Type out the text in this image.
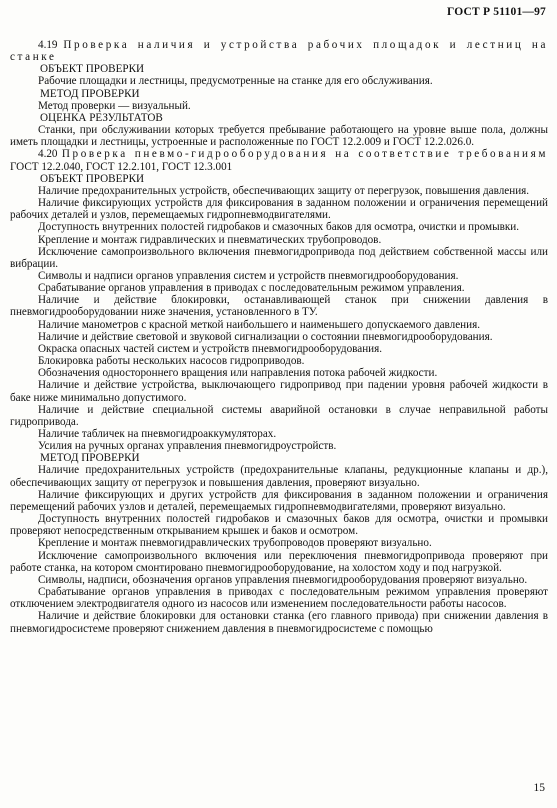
ГОСТ Р 51101—97

4.19 Проверка наличия и устройства рабочих площадок и лестниц на станке

ОБЪЕКТ ПРОВЕРКИ

Рабочие площадки и лестницы, предусмотренные на станке для его обслуживания.

МЕТОД ПРОВЕРКИ

Метод проверки — визуальный.

ОЦЕНКА РЕЗУЛЬТАТОВ

Станки, при обслуживании которых требуется пребывание работающего на уровне выше пола, должны иметь площадки и лестницы, устроенные и расположенные по ГОСТ 12.2.009 и ГОСТ 12.2.026.0.

4.20 Проверка пневмо-гидрооборудования на соответствие требованиям ГОСТ 12.2.040, ГОСТ 12.2.101, ГОСТ 12.3.001

ОБЪЕКТ ПРОВЕРКИ

Наличие предохранительных устройств, обеспечивающих защиту от перегрузок, повышения давления.

Наличие фиксирующих устройств для фиксирования в заданном положении и ограничения перемещений рабочих деталей и узлов, перемещаемых гидропневмодвигателями.

Доступность внутренних полостей гидробаков и смазочных баков для осмотра, очистки и промывки.

Крепление и монтаж гидравлических и пневматических трубопроводов.

Исключение самопроизвольного включения пневмогидропривода под действием собственной массы или вибрации.

Символы и надписи органов управления систем и устройств пневмогидрооборудования.

Срабатывание органов управления в приводах с последовательным режимом управления.

Наличие и действие блокировки, останавливающей станок при снижении давления в пневмогидрооборудовании ниже значения, установленного в ТУ.

Наличие манометров с красной меткой наибольшего и наименьшего допускаемого давления.

Наличие и действие световой и звуковой сигнализации о состоянии пневмогидрооборудования.

Окраска опасных частей систем и устройств пневмогидрооборудования.

Блокировка работы нескольких насосов гидроприводов.

Обозначения одностороннего вращения или направления потока рабочей жидкости.

Наличие и действие устройства, выключающего гидропривод при падении уровня рабочей жидкости в баке ниже минимально допустимого.

Наличие и действие специальной системы аварийной остановки в случае неправильной работы гидропривода.

Наличие табличек на пневмогидроаккумуляторах.

Усилия на ручных органах управления пневмогидроустройств.

МЕТОД ПРОВЕРКИ

Наличие предохранительных устройств (предохранительные клапаны, редукционные клапаны и др.), обеспечивающих защиту от перегрузок и повышения давления, проверяют визуально.

Наличие фиксирующих и других устройств для фиксирования в заданном положении и ограничения перемещений рабочих узлов и деталей, перемещаемых гидропневмодвигателями, проверяют визуально.

Доступность внутренних полостей гидробаков и смазочных баков для осмотра, очистки и промывки проверяют непосредственным открыванием крышек и баков и осмотром.

Крепление и монтаж пневмогидравлических трубопроводов проверяют визуально.

Исключение самопроизвольного включения или переключения пневмогидропривода проверяют при работе станка, на котором смонтировано пневмогидрооборудование, на холостом ходу и под нагрузкой.

Символы, надписи, обозначения органов управления пневмогидрооборудования проверяют визуально.

Срабатывание органов управления в приводах с последовательным режимом управления проверяют отключением электродвигателя одного из насосов или изменением последовательности работы насосов.

Наличие и действие блокировки для остановки станка (его главного привода) при снижении давления в пневмогидросистеме проверяют снижением давления в пневмогидросистеме с помощью

15
